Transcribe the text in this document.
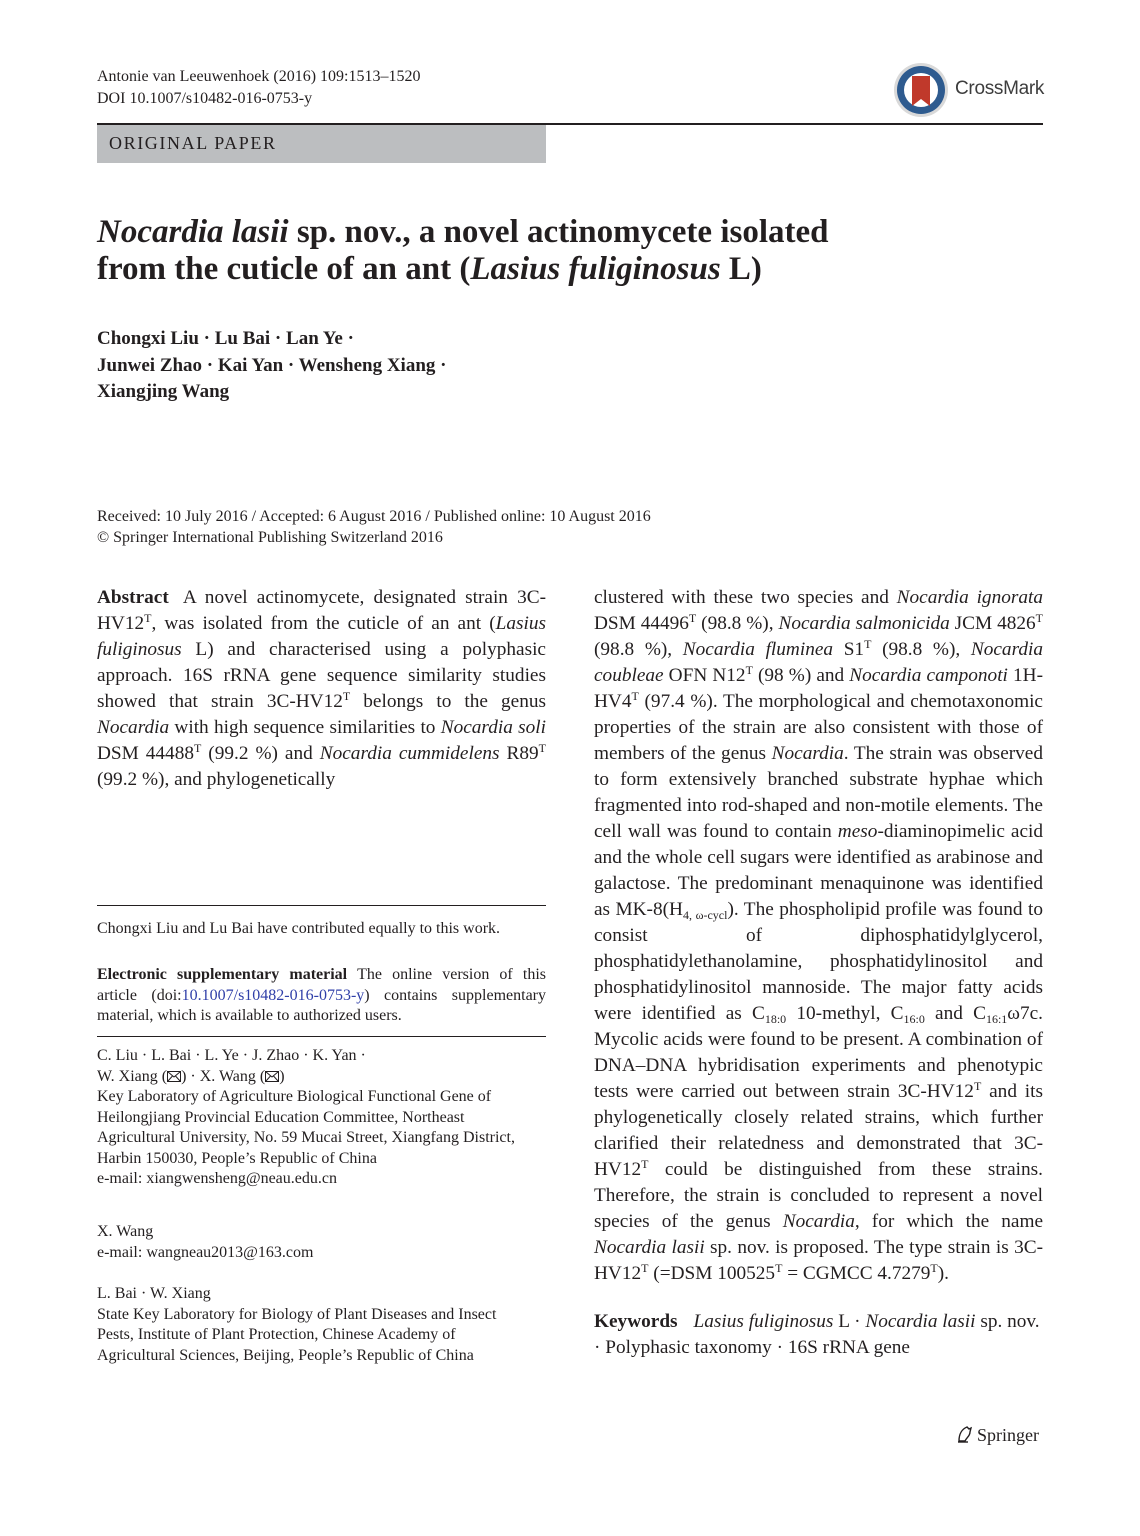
Antonie van Leeuwenhoek (2016) 109:1513–1520
DOI 10.1007/s10482-016-0753-y	CrossMark
ORIGINAL PAPER
Nocardia lasii sp. nov., a novel actinomycete isolated
from the cuticle of an ant (Lasius fuliginosus L)
Chongxi Liu · Lu Bai · Lan Ye ·
Junwei Zhao · Kai Yan · Wensheng Xiang ·
Xiangjing Wang
Received: 10 July 2016 / Accepted: 6 August 2016 / Published online: 10 August 2016
© Springer International Publishing Switzerland 2016

Abstract A novel actinomycete, designated strain $3C-HV12^T$, was isolated from the cuticle of an ant (Lasius fuliginosus L) and characterised using a polyphasic approach. 16S rRNA gene sequence similarity studies showed that strain $3C-HV12^T$ belongs to the genus Nocardia with high sequence similarities to Nocardia soli DSM $44488^T$ (99.2 %) and Nocardia cummidelens $R89^T$ (99.2 %), and phylogenetically

Chongxi Liu and Lu Bai have contributed equally to this work.

Electronic supplementary material The online version of this article (doi:10.1007/s10482-016-0753-y) contains supplementary material, which is available to authorized users.

C. Liu · L. Bai · L. Ye · J. Zhao · K. Yan ·

W. Xiang ( ) · X. Wang ( )

Key Laboratory of Agriculture Biological Functional Gene of Heilongjiang Provincial Education Committee, Northeast Agricultural University, No. 59 Mucai Street, Xiangfang District, Harbin 150030, People’s Republic of China

e-mail: xiangwensheng@neau.edu.cn

X. Wang

e-mail: wangneau2013@163.com

L. Bai · W. Xiang

State Key Laboratory for Biology of Plant Diseases and Insect Pests, Institute of Plant Protection, Chinese Academy of Agricultural Sciences, Beijing, People’s Republic of China

clustered with these two species and Nocardia ignorata DSM $44496^T$ (98.8 %), Nocardia salmonicida JCM $4826^T$ (98.8 %), Nocardia fluminea $S1^T$ (98.8 %), Nocardia coubleae OFN $N12^T$ (98 %) and Nocardia camponoti $1H-HV4^T$ (97.4 %). The morphological and chemotaxonomic properties of the strain are also consistent with those of members of the genus Nocardia. The strain was observed to form extensively branched substrate hyphae which fragmented into rod-shaped and non-motile elements. The cell wall was found to contain meso-diaminopimelic acid and the whole cell sugars were identified as arabinose and galactose. The predominant menaquinone was identified as $MK-8(H_{4, \omega-cycl})$. The phospholipid profile was found to consist of diphosphatidylglycerol, phosphatidylethanolamine, phosphatidylinositol and phosphatidylinositol mannoside. The major fatty acids were identified as $C_{18:0}$ 10-methyl, $C_{16:0}$ and $C_{16:1}\omega 7c$. Mycolic acids were found to be present. A combination of DNA–DNA hybridisation experiments and phenotypic tests were carried out between strain $3C-HV12^T$ and its phylogenetically closely related strains, which further clarified their relatedness and demonstrated that $3C-HV12^T$ could be distinguished from these strains. Therefore, the strain is concluded to represent a novel species of the genus Nocardia, for which the name Nocardia lasii sp. nov. is proposed. The type strain is $3C-HV12^T$ (=DSM $100525^T$ = CGMCC $4.7279^T$).

Keywords Lasius fuliginosus L · Nocardia lasii sp. nov. · Polyphasic taxonomy · 16S rRNA gene

Springer
